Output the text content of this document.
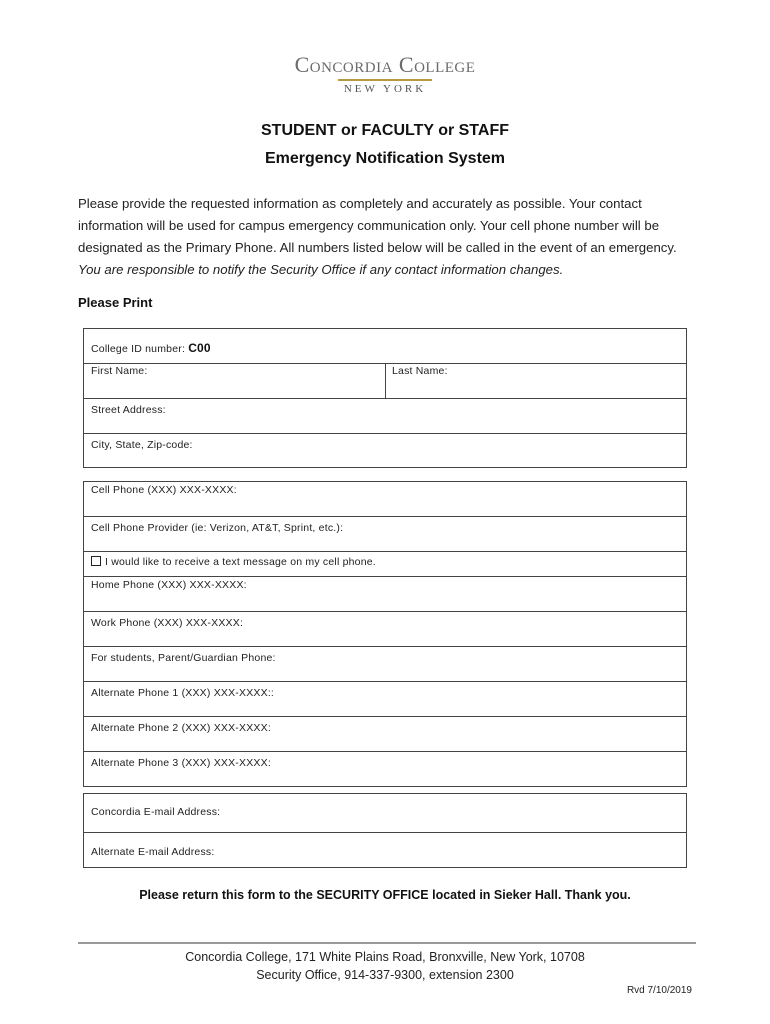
Concordia College
NEW YORK
STUDENT or FACULTY or STAFF
Emergency Notification System
Please provide the requested information as completely and accurately as possible. Your contact information will be used for campus emergency communication only. Your cell phone number will be designated as the Primary Phone. All numbers listed below will be called in the event of an emergency. You are responsible to notify the Security Office if any contact information changes.
Please Print
College ID number: C00
First Name:	Last Name:
Street Address:
City, State, Zip-code:
Cell Phone (XXX) XXX-XXXX:
Cell Phone Provider (ie: Verizon, AT&T, Sprint, etc.):
I would like to receive a text message on my cell phone.
Home Phone (XXX) XXX-XXXX:
Work Phone (XXX) XXX-XXXX:
For students, Parent/Guardian Phone:
Alternate Phone 1 (XXX) XXX-XXXX::
Alternate Phone 2 (XXX) XXX-XXXX:
Alternate Phone 3 (XXX) XXX-XXXX:
Concordia E-mail Address:
Alternate E-mail Address:
Please return this form to the SECURITY OFFICE located in Sieker Hall. Thank you.
Concordia College, 171 White Plains Road, Bronxville, New York, 10708
Security Office, 914-337-9300, extension 2300
Rvd 7/10/2019
